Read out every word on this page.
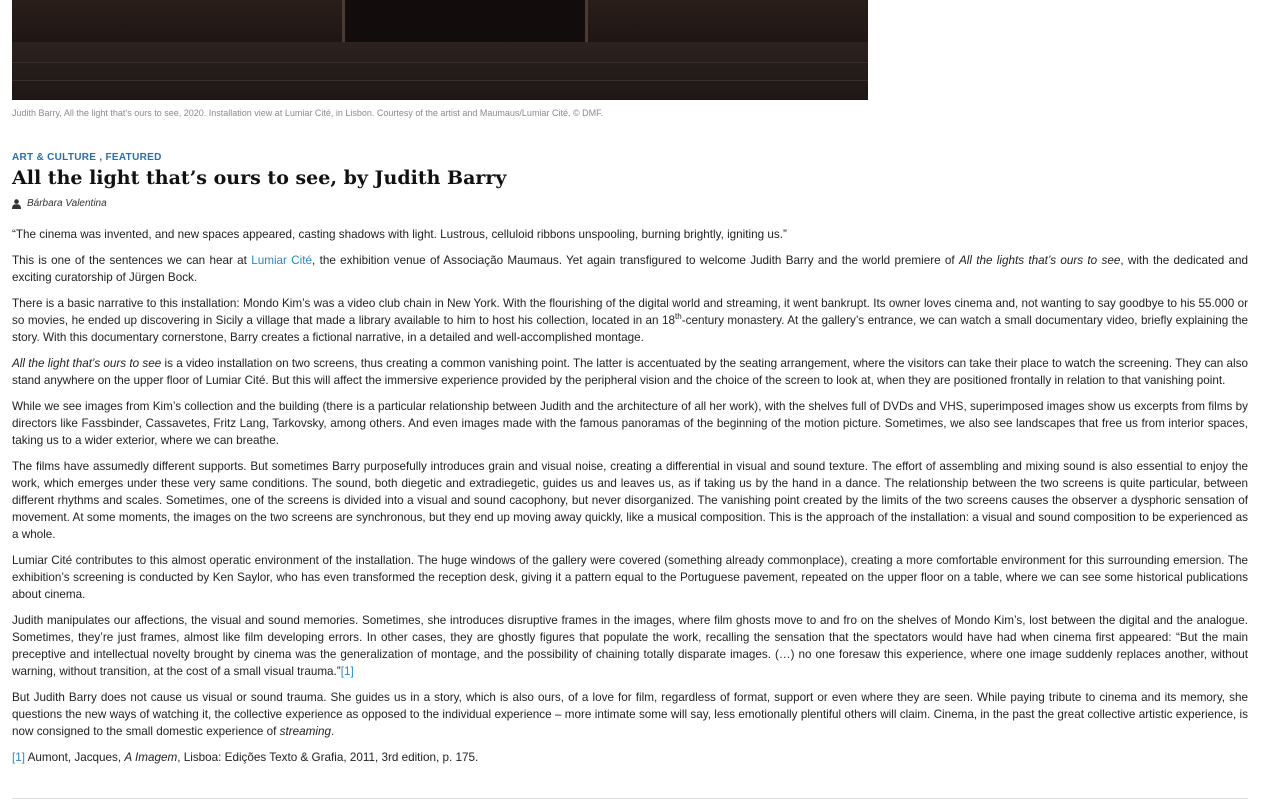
Judith Barry, All the light that’s ours to see, 2020. Installation view at Lumiar Cité, in Lisbon. Courtesy of the artist and Maumaus/Lumiar Cité. © DMF.
ART & CULTURE , FEATURED
All the light that’s ours to see, by Judith Barry
Bárbara Valentina

“The cinema was invented, and new spaces appeared, casting shadows with light. Lustrous, celluloid ribbons unspooling, burning brightly, igniting us.”

This is one of the sentences we can hear at Lumiar Cité, the exhibition venue of Associação Maumaus. Yet again transfigured to welcome Judith Barry and the world premiere of All the lights that’s ours to see, with the dedicated and exciting curatorship of Jürgen Bock.

There is a basic narrative to this installation: Mondo Kim’s was a video club chain in New York. With the flourishing of the digital world and streaming, it went bankrupt. Its owner loves cinema and, not wanting to say goodbye to his 55.000 or so movies, he ended up discovering in Sicily a village that made a library available to him to host his collection, located in an 18th-century monastery. At the gallery’s entrance, we can watch a small documentary video, briefly explaining the story. With this documentary cornerstone, Barry creates a fictional narrative, in a detailed and well-accomplished montage.

All the light that’s ours to see is a video installation on two screens, thus creating a common vanishing point. The latter is accentuated by the seating arrangement, where the visitors can take their place to watch the screening. They can also stand anywhere on the upper floor of Lumiar Cité. But this will affect the immersive experience provided by the peripheral vision and the choice of the screen to look at, when they are positioned frontally in relation to that vanishing point.

While we see images from Kim’s collection and the building (there is a particular relationship between Judith and the architecture of all her work), with the shelves full of DVDs and VHS, superimposed images show us excerpts from films by directors like Fassbinder, Cassavetes, Fritz Lang, Tarkovsky, among others. And even images made with the famous panoramas of the beginning of the motion picture. Sometimes, we also see landscapes that free us from interior spaces, taking us to a wider exterior, where we can breathe.

The films have assumedly different supports. But sometimes Barry purposefully introduces grain and visual noise, creating a differential in visual and sound texture. The effort of assembling and mixing sound is also essential to enjoy the work, which emerges under these very same conditions. The sound, both diegetic and extradiegetic, guides us and leaves us, as if taking us by the hand in a dance. The relationship between the two screens is quite particular, between different rhythms and scales. Sometimes, one of the screens is divided into a visual and sound cacophony, but never disorganized. The vanishing point created by the limits of the two screens causes the observer a dysphoric sensation of movement. At some moments, the images on the two screens are synchronous, but they end up moving away quickly, like a musical composition. This is the approach of the installation: a visual and sound composition to be experienced as a whole.

Lumiar Cité contributes to this almost operatic environment of the installation. The huge windows of the gallery were covered (something already commonplace), creating a more comfortable environment for this surrounding emersion. The exhibition’s screening is conducted by Ken Saylor, who has even transformed the reception desk, giving it a pattern equal to the Portuguese pavement, repeated on the upper floor on a table, where we can see some historical publications about cinema.

Judith manipulates our affections, the visual and sound memories. Sometimes, she introduces disruptive frames in the images, where film ghosts move to and fro on the shelves of Mondo Kim’s, lost between the digital and the analogue. Sometimes, they’re just frames, almost like film developing errors. In other cases, they are ghostly figures that populate the work, recalling the sensation that the spectators would have had when cinema first appeared: “But the main preceptive and intellectual novelty brought by cinema was the generalization of montage, and the possibility of chaining totally disparate images. (…) no one foresaw this experience, where one image suddenly replaces another, without warning, without transition, at the cost of a small visual trauma.”[1]

But Judith Barry does not cause us visual or sound trauma. She guides us in a story, which is also ours, of a love for film, regardless of format, support or even where they are seen. While paying tribute to cinema and its memory, she questions the new ways of watching it, the collective experience as opposed to the individual experience – more intimate some will say, less emotionally plentiful others will claim. Cinema, in the past the great collective artistic experience, is now consigned to the small domestic experience of streaming.

[1] Aumont, Jacques, A Imagem, Lisboa: Edições Texto & Grafia, 2011, 3rd edition, p. 175.
